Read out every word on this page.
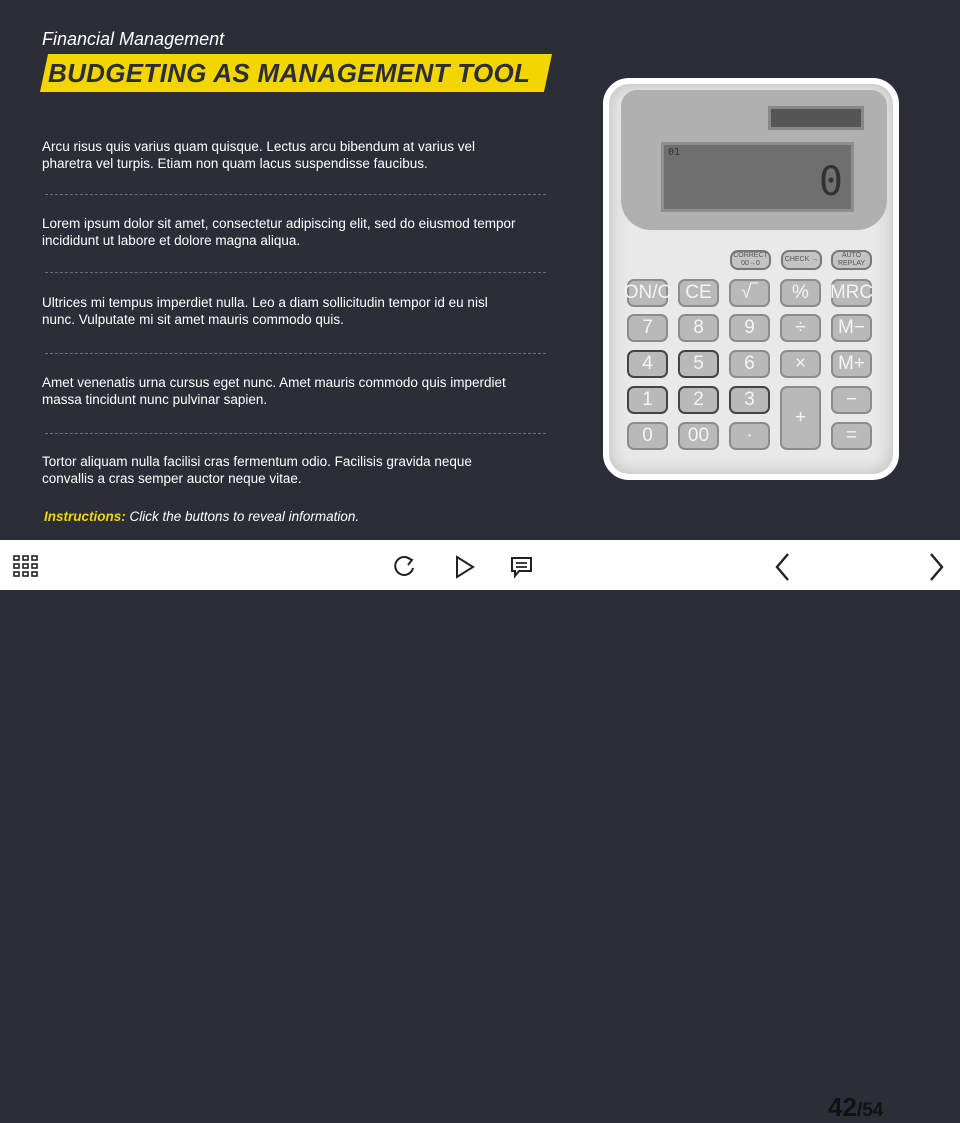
Financial Management
BUDGETING AS MANAGEMENT TOOL
Arcu risus quis varius quam quisque. Lectus arcu bibendum at varius vel pharetra vel turpis. Etiam non quam lacus suspendisse faucibus.
Lorem ipsum dolor sit amet, consectetur adipiscing elit, sed do eiusmod tempor incididunt ut labore et dolore magna aliqua.
Ultrices mi tempus imperdiet nulla. Leo a diam sollicitudin tempor id eu nisl nunc. Vulputate mi sit amet mauris commodo quis.
Amet venenatis urna cursus eget nunc. Amet mauris commodo quis imperdiet massa tincidunt nunc pulvinar sapien.
Tortor aliquam nulla facilisi cras fermentum odio. Facilisis gravida neque convallis a cras semper auctor neque vitae.
Instructions: Click the buttons to reveal information.
01
0
CORRECT 00→0
CHECK →
AUTO REPLAY
ON/C CE	√‾	%	MRC
7	8	9	÷	M−
4	5	6	×	M+
1	2	3
+
−
0	00	·	=
42/54
